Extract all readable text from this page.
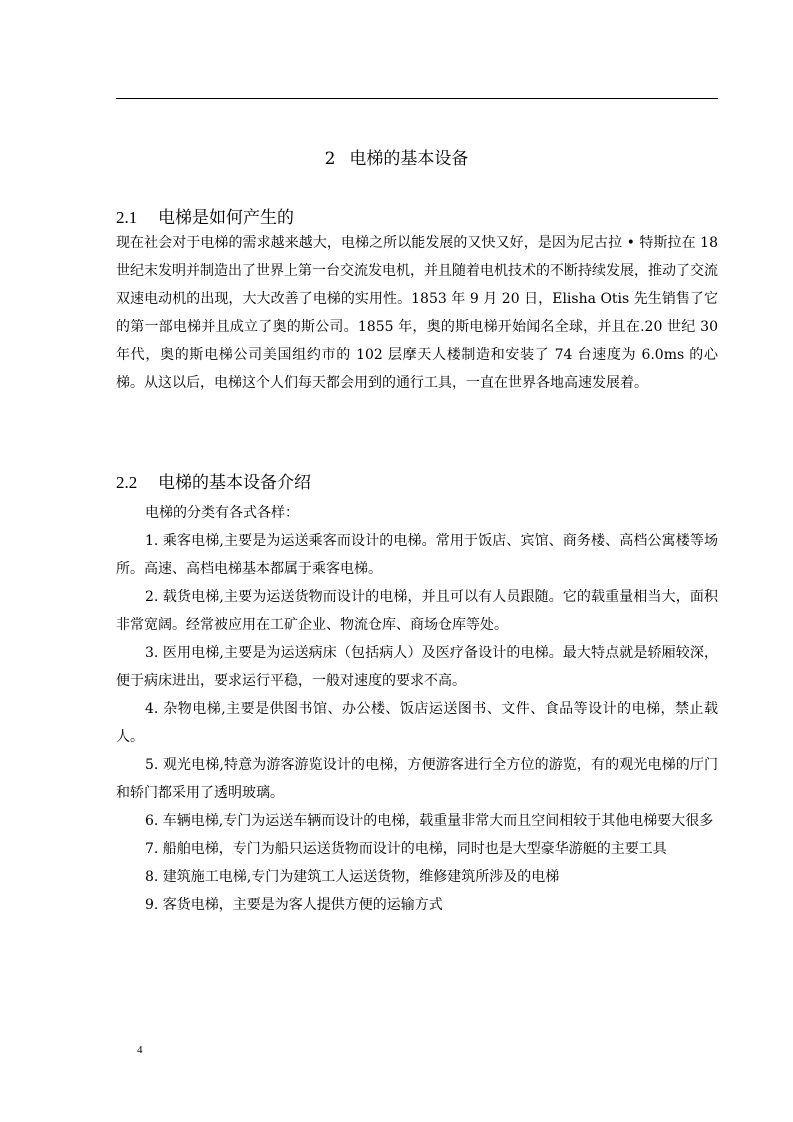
2 电梯的基本设备
2.1 电梯是如何产生的

现在社会对于电梯的需求越来越大，电梯之所以能发展的又快又好，是因为尼古拉 • 特斯拉在 18 世纪末发明并制造出了世界上第一台交流发电机，并且随着电机技术的不断持续发展，推动了交流双速电动机的出现，大大改善了电梯的实用性。1853 年 9 月 20 日，Elisha Otis 先生销售了它的第一部电梯并且成立了奥的斯公司。1855 年，奥的斯电梯开始闻名全球，并且在.20 世纪 30 年代，奥的斯电梯公司美国组约市的 102 层摩天人楼制造和安装了 74 台速度为 6.0ms 的心梯。从这以后，电梯这个人们每天都会用到的通行工具，一直在世界各地高速发展着。

2.2 电梯的基本设备介绍

电梯的分类有各式各样：

1. 乘客电梯,主要是为运送乘客而设计的电梯。常用于饭店、宾馆、商务楼、高档公寓楼等场所。高速、高档电梯基本都属于乘客电梯。

2. 载货电梯,主要为运送货物而设计的电梯，并且可以有人员跟随。它的载重量相当大，面积非常宽阔。经常被应用在工矿企业、物流仓库、商场仓库等处。

3. 医用电梯,主要是为运送病床（包括病人）及医疗备设计的电梯。最大特点就是轿厢较深，便于病床进出，要求运行平稳，一般对速度的要求不高。

4. 杂物电梯,主要是供图书馆、办公楼、饭店运送图书、文件、食品等设计的电梯，禁止载人。

5. 观光电梯,特意为游客游览设计的电梯，方便游客进行全方位的游览，有的观光电梯的厅门和轿门都采用了透明玻璃。

6. 车辆电梯,专门为运送车辆而设计的电梯，载重量非常大而且空间相较于其他电梯要大很多

7. 船舶电梯，专门为船只运送货物而设计的电梯，同时也是大型豪华游艇的主要工具

8. 建筑施工电梯,专门为建筑工人运送货物，维修建筑所涉及的电梯

9. 客货电梯，主要是为客人提供方便的运输方式

4
